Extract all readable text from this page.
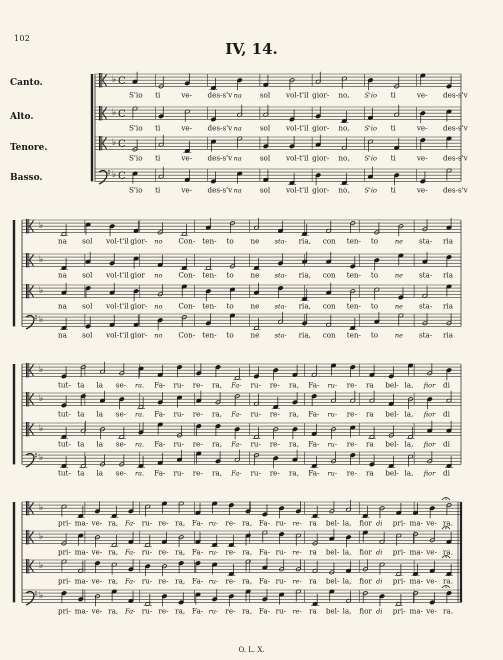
102
IV, 14.
Canto.
Alto.
Tenore.
Basso.
♭ C
S'io ti	ve- des-s'v na sol vol-t'il gior- no, S'io ti	ve- des-s'v
♭ C
S'io ti	ve- des-s'v na sol vol-t'il gior- no, S'io ti	ve- des-s'v
♭ C
S'io ti	ve- des-s'v na sol vol-t'il gior- no, S'io ti	ve- des-s'v
♭ C
S'io ti	ve- des-s'v na sol vol-t'il gior- no, S'io ti	ve- des-s'v
♭
na sol vol-t'il gior- no Con- ten- to ne sta- ria, con ten- to	ne sta- ria
♭
na sol vol-t'il gior no Con- ten- to ne sta- ria, con ten- to	ne sta- ria
♭
na sol vol-t'il gior- no Con- ten- to ne sta- ria, con ten- to	ne sta- ria
♭
na sol vol-t'il gior- no Con- ten- to ne sta- ria, con ten- to	ne sta- ria
♭
tut- ta la se- ra. Fa- ru- re- ra, Fa- ru- re- ra, Fa- ru- re- ra bel- la, fior di
♭
tut- ta la se- ra. Fa- ru- re- ra, Fa- ru- re- ra, Fa- ru- re- ra bel- la, fior di
♭
tut- ta la se- ra. Fa- ru- re- ra, Fa- ru- re- ra, Fa- ru- re- ra bel- la, fior di
♭
tut- ta la se- ra. Fa- ru- re- ra, Fa- ru- re- ra, Fa- ru- re- ra bel- la, fior di
♭
pri- ma- ve- ra, Fa- ru- re- ra, Fa- ru- re- ra, Fa- ru- re- ra bel- la, fior di pri- ma- ve- ra.
♭
pri- ma- ve- ra, Fa- ru- re- ra, Fa- ru- re- ra, Fa- ru- re- ra bel- la, fior di pri- ma- ve- ra.
♭
pri- ma- ve- ra, Fa- ru- re- ra, Fa- ru- re- ra, Fa- ru- re- ra bel- la, fior di pri- ma- ve- ra.
♭
pri- ma- ve- ra, Fa- ru- re- ra, Fa- ru- re- ra, Fa- ru- re- ra bel- la, fior di pri- ma- ve- ra.
O. L. X.
